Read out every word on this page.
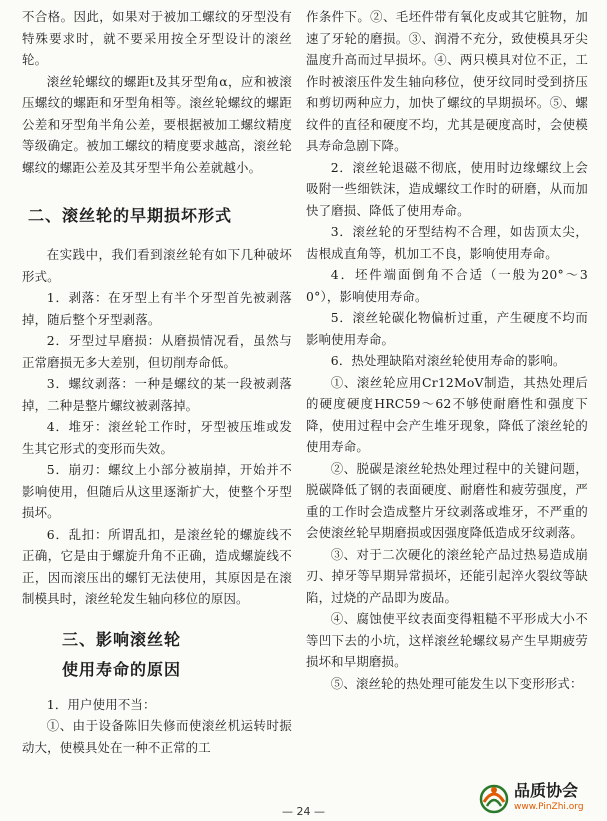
不合格。因此，如果对于被加工螺纹的牙型没有特殊要求时，就不要采用按全牙型设计的滚丝轮。

滚丝轮螺纹的螺距t及其牙型角α，应和被滚压螺纹的螺距和牙型角相等。滚丝轮螺纹的螺距公差和牙型角半角公差，要根据被加工螺纹精度等级确定。被加工螺纹的精度要求越高，滚丝轮螺纹的螺距公差及其牙型半角公差就越小。

二、滚丝轮的早期损坏形式

在实践中，我们看到滚丝轮有如下几种破坏形式。

1．剥落：在牙型上有半个牙型首先被剥落掉，随后整个牙型剥落。

2．牙型过早磨损：从磨损情况看，虽然与正常磨损无多大差别，但切削寿命低。

3．螺纹剥落：一种是螺纹的某一段被剥落掉，二种是整片螺纹被剥落掉。

4．堆牙：滚丝轮工作时，牙型被压堆或发生其它形式的变形而失效。

5．崩刃：螺纹上小部分被崩掉，开始并不影响使用，但随后从这里逐渐扩大，使整个牙型损坏。

6．乱扣：所谓乱扣，是滚丝轮的螺旋线不正确，它是由于螺旋升角不正确，造成螺旋线不正，因而滚压出的螺钉无法使用，其原因是在滚制模具时，滚丝轮发生轴向移位的原因。

三、影响滚丝轮
使用寿命的原因

1．用户使用不当：

①、由于设备陈旧失修而使滚丝机运转时振动大，使模具处在一种不正常的工

作条件下。②、毛坯件带有氧化皮或其它脏物，加速了牙轮的磨损。③、润滑不充分，致使模具牙尖温度升高而过早损坏。④、两只模具对位不正，工作时被滚压件发生轴向移位，使牙纹同时受到挤压和剪切两种应力，加快了螺纹的早期损坏。⑤、螺纹件的直径和硬度不均，尤其是硬度高时，会使模具寿命急剧下降。

2．滚丝轮退磁不彻底，使用时边缘螺纹上会吸附一些细铁沫，造成螺纹工作时的研磨，从而加快了磨损、降低了使用寿命。

3．滚丝轮的牙型结构不合理，如齿顶太尖，齿根成直角等，机加工不良，影响使用寿命。

4．坯件端面倒角不合适（一般为20°～30°），影响使用寿命。

5．滚丝轮碳化物偏析过重，产生硬度不均而影响使用寿命。

6．热处理缺陷对滚丝轮使用寿命的影响。

①、滚丝轮应用Cr12MoV制造，其热处理后的硬度硬度HRC59～62不够使耐磨性和强度下降，使用过程中会产生堆牙现象，降低了滚丝轮的使用寿命。

②、脱碳是滚丝轮热处理过程中的关键问题，脱碳降低了钢的表面硬度、耐磨性和疲劳强度，严重的工作时会造成整片牙纹剥落或堆牙，不严重的会使滚丝轮早期磨损或因强度降低造成牙纹剥落。

③、对于二次硬化的滚丝轮产品过热易造成崩刃、掉牙等早期异常损坏，还能引起淬火裂纹等缺陷，过烧的产品即为废品。

④、腐蚀使平纹表面变得粗糙不平形成大小不等凹下去的小坑，这样滚丝轮螺纹易产生早期疲劳损坏和早期磨损。

⑤、滚丝轮的热处理可能发生以下变形形式：

— 24 —
品质协会
www.PinZhi.org
